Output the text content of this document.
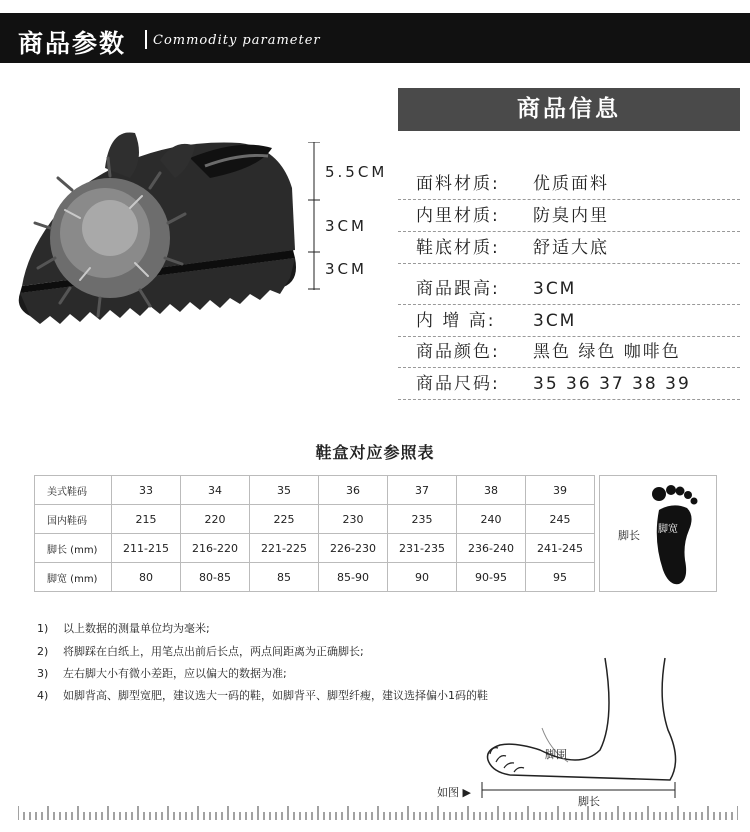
商品参数 Commodity parameter
5.5CM
3CM
3CM
商品信息
面料材质:	优质面料
内里材质:	防臭内里
鞋底材质:	舒适大底
商品跟高:	3CM
内 增 高:	3CM
商品颜色:	黑色 绿色 咖啡色
商品尺码:	35 36 37 38 39
鞋盒对应参照表
美式鞋码	33	34	35	36	37	38	39
国内鞋码	215	220	225	230	235	240	245
脚长 (mm)	211-215	216-220	221-225	226-230	231-235	236-240	241-245
脚宽 (mm)	80	80-85	85	85-90	90	90-95	95
脚长 脚宽
1) 以上数据的测量单位均为毫米;
2) 将脚踩在白纸上，用笔点出前后长点，两点间距离为正确脚长;
3) 左右脚大小有微小差距，应以偏大的数据为准;
4) 如脚背高、脚型宽肥，建议选大一码的鞋，如脚背平、脚型纤瘦，建议选择偏小1码的鞋
脚围
脚长
如图 ▶
